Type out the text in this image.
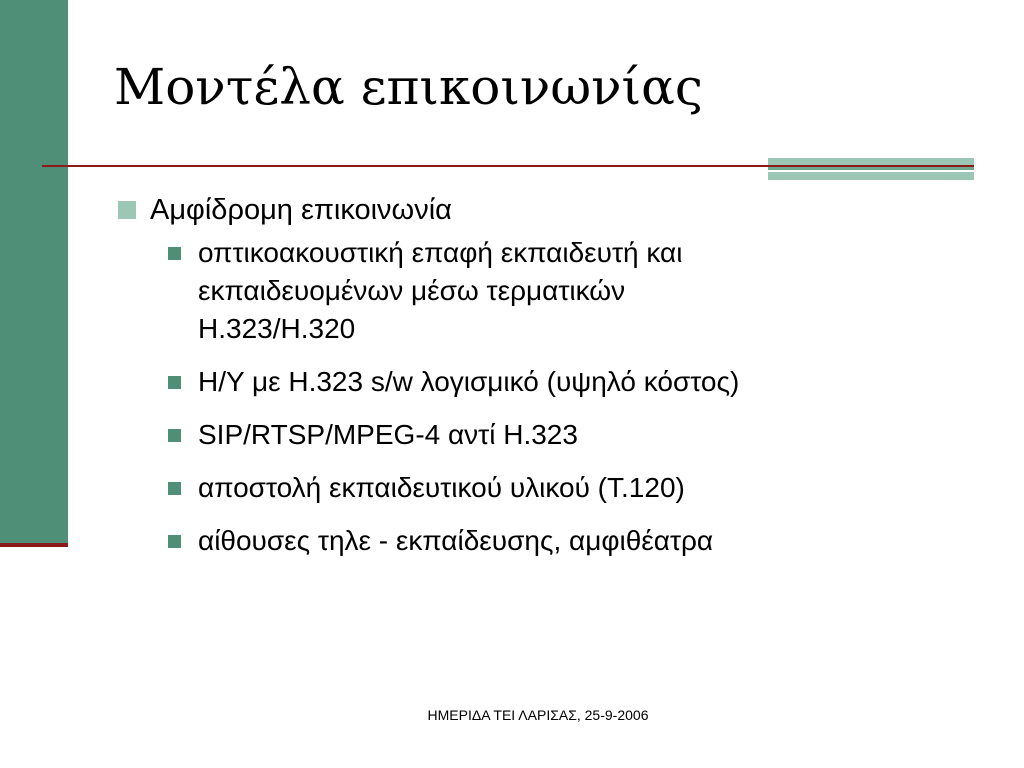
Μοντέλα επικοινωνίας
Αμφίδρομη επικοινωνία
οπτικοακουστική επαφή εκπαιδευτή και
εκπαιδευομένων μέσω τερματικών
Η.323/Η.320
Η/Υ με Η.323 s/w λογισμικό (υψηλό κόστος)
SIP/RTSP/MPEG-4 αντί Η.323
αποστολή εκπαιδευτικού υλικού (Τ.120)
αίθουσες τηλε - εκπαίδευσης, αμφιθέατρα
ΗΜΕΡΙΔΑ ΤΕΙ ΛΑΡΙΣΑΣ, 25-9-2006
